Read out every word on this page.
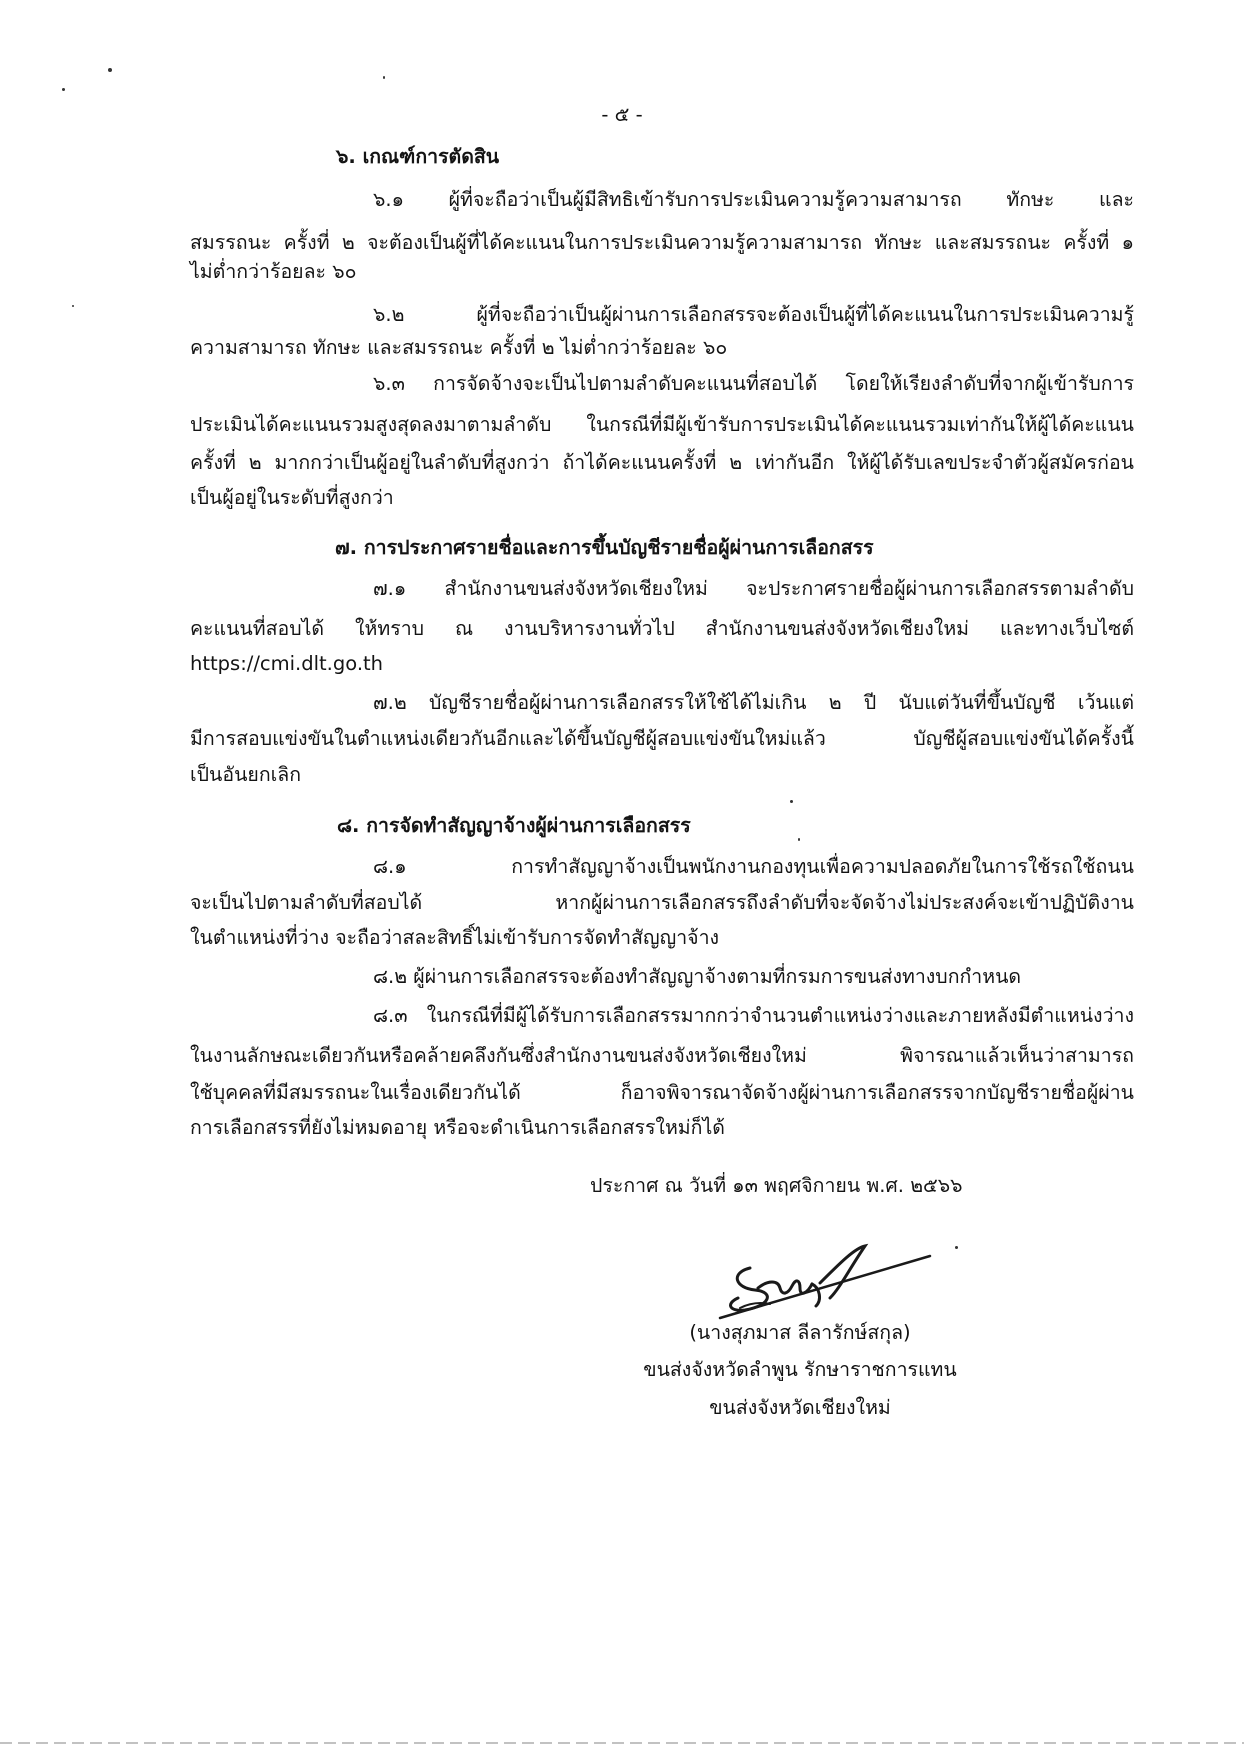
- ๕ -
๖. เกณฑ์การตัดสิน
๖.๑ ผู้ที่จะถือว่าเป็นผู้มีสิทธิเข้ารับการประเมินความรู้ความสามารถ ทักษะ และ
สมรรถนะ ครั้งที่ ๒ จะต้องเป็นผู้ที่ได้คะแนนในการประเมินความรู้ความสามารถ ทักษะ และสมรรถนะ ครั้งที่ ๑
ไม่ต่ำกว่าร้อยละ ๖๐
๖.๒ ผู้ที่จะถือว่าเป็นผู้ผ่านการเลือกสรรจะต้องเป็นผู้ที่ได้คะแนนในการประเมินความรู้
ความสามารถ ทักษะ และสมรรถนะ ครั้งที่ ๒ ไม่ต่ำกว่าร้อยละ ๖๐
๖.๓ การจัดจ้างจะเป็นไปตามลำดับคะแนนที่สอบได้ โดยให้เรียงลำดับที่จากผู้เข้ารับการ
ประเมินได้คะแนนรวมสูงสุดลงมาตามลำดับ ในกรณีที่มีผู้เข้ารับการประเมินได้คะแนนรวมเท่ากันให้ผู้ได้คะแนน
ครั้งที่ ๒ มากกว่าเป็นผู้อยู่ในลำดับที่สูงกว่า ถ้าได้คะแนนครั้งที่ ๒ เท่ากันอีก ให้ผู้ได้รับเลขประจำตัวผู้สมัครก่อน
เป็นผู้อยู่ในระดับที่สูงกว่า
๗. การประกาศรายชื่อและการขึ้นบัญชีรายชื่อผู้ผ่านการเลือกสรร
๗.๑ สำนักงานขนส่งจังหวัดเชียงใหม่ จะประกาศรายชื่อผู้ผ่านการเลือกสรรตามลำดับ
คะแนนที่สอบได้ ให้ทราบ ณ งานบริหารงานทั่วไป สำนักงานขนส่งจังหวัดเชียงใหม่ และทางเว็บไซต์
https://cmi.dlt.go.th
๗.๒ บัญชีรายชื่อผู้ผ่านการเลือกสรรให้ใช้ได้ไม่เกิน ๒ ปี นับแต่วันที่ขึ้นบัญชี เว้นแต่
มีการสอบแข่งขันในตำแหน่งเดียวกันอีกและได้ขึ้นบัญชีผู้สอบแข่งขันใหม่แล้ว บัญชีผู้สอบแข่งขันได้ครั้งนี้
เป็นอันยกเลิก
๘. การจัดทำสัญญาจ้างผู้ผ่านการเลือกสรร
๘.๑ การทำสัญญาจ้างเป็นพนักงานกองทุนเพื่อความปลอดภัยในการใช้รถใช้ถนน
จะเป็นไปตามลำดับที่สอบได้ หากผู้ผ่านการเลือกสรรถึงลำดับที่จะจัดจ้างไม่ประสงค์จะเข้าปฏิบัติงาน
ในตำแหน่งที่ว่าง จะถือว่าสละสิทธิ์ไม่เข้ารับการจัดทำสัญญาจ้าง
๘.๒ ผู้ผ่านการเลือกสรรจะต้องทำสัญญาจ้างตามที่กรมการขนส่งทางบกกำหนด
๘.๓ ในกรณีที่มีผู้ได้รับการเลือกสรรมากกว่าจำนวนตำแหน่งว่างและภายหลังมีตำแหน่งว่าง
ในงานลักษณะเดียวกันหรือคล้ายคลึงกันซึ่งสำนักงานขนส่งจังหวัดเชียงใหม่ พิจารณาแล้วเห็นว่าสามารถ
ใช้บุคคลที่มีสมรรถนะในเรื่องเดียวกันได้ ก็อาจพิจารณาจัดจ้างผู้ผ่านการเลือกสรรจากบัญชีรายชื่อผู้ผ่าน
การเลือกสรรที่ยังไม่หมดอายุ หรือจะดำเนินการเลือกสรรใหม่ก็ได้
ประกาศ ณ วันที่ ๑๓ พฤศจิกายน พ.ศ. ๒๕๖๖
(นางสุภมาส ลีลารักษ์สกุล)
ขนส่งจังหวัดลำพูน รักษาราชการแทน
ขนส่งจังหวัดเชียงใหม่
